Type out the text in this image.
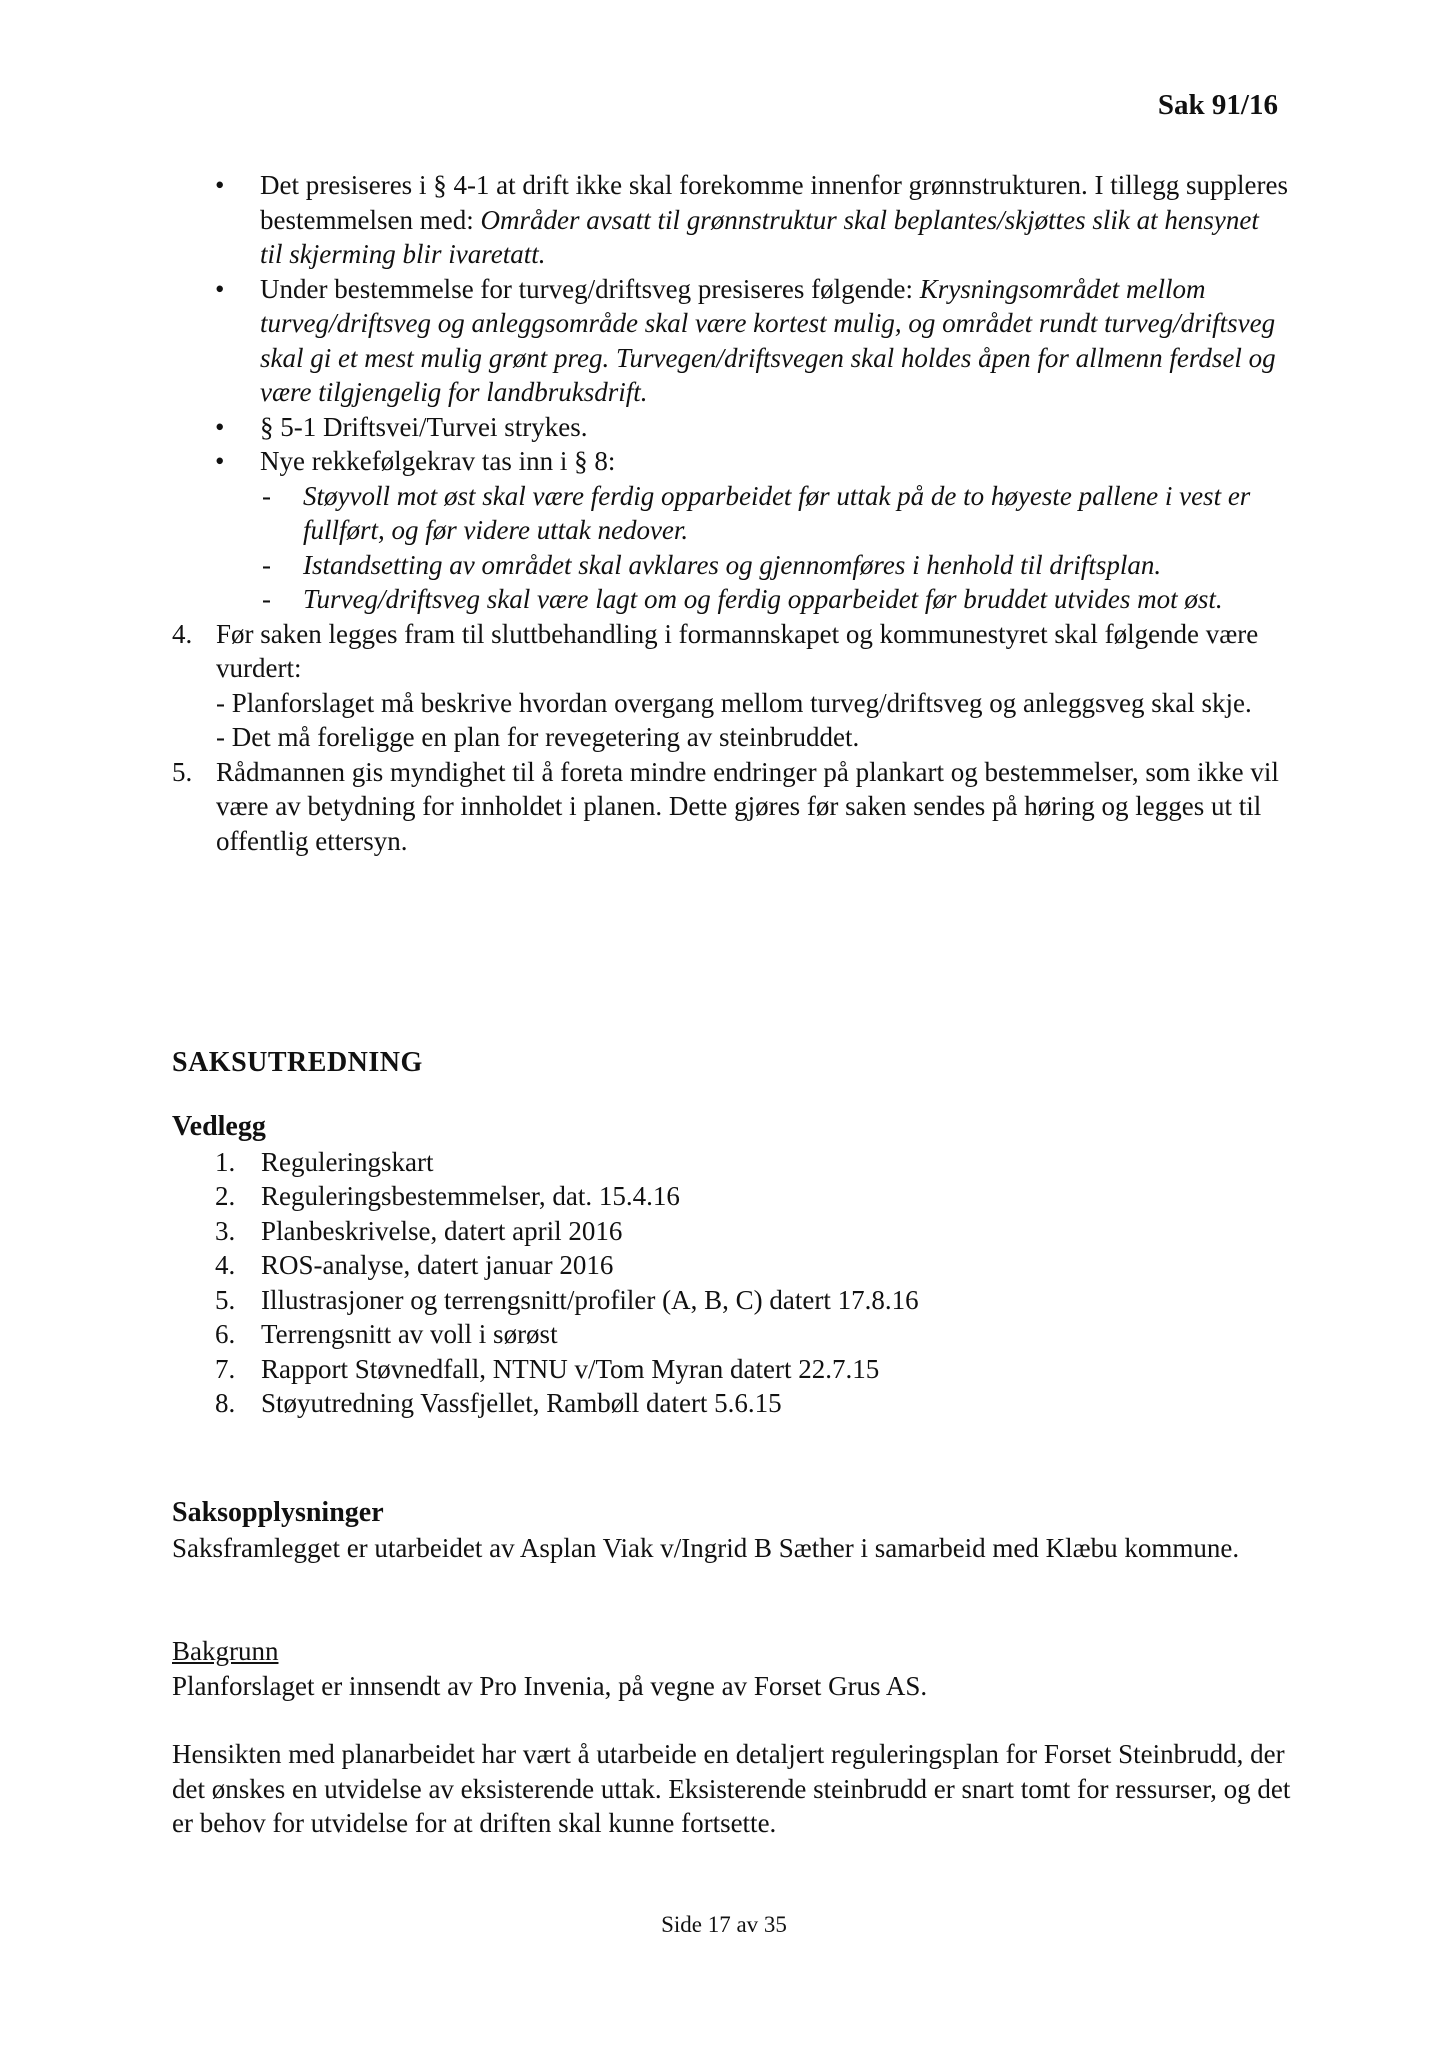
Sak 91/16
• Det presiseres i § 4-1 at drift ikke skal forekomme innenfor grønnstrukturen. I tillegg suppleres bestemmelsen med: Områder avsatt til grønnstruktur skal beplantes/skjøttes slik at hensynet til skjerming blir ivaretatt.
• Under bestemmelse for turveg/driftsveg presiseres følgende: Krysningsområdet mellom turveg/driftsveg og anleggsområde skal være kortest mulig, og området rundt turveg/driftsveg skal gi et mest mulig grønt preg. Turvegen/driftsvegen skal holdes åpen for allmenn ferdsel og være tilgjengelig for landbruksdrift.
• § 5-1 Driftsvei/Turvei strykes.
• Nye rekkefølgekrav tas inn i § 8:
- Støyvoll mot øst skal være ferdig opparbeidet før uttak på de to høyeste pallene i vest er fullført, og før videre uttak nedover.
- Istandsetting av området skal avklares og gjennomføres i henhold til driftsplan.
- Turveg/driftsveg skal være lagt om og ferdig opparbeidet før bruddet utvides mot øst.
4. Før saken legges fram til sluttbehandling i formannskapet og kommunestyret skal følgende være vurdert:
- Planforslaget må beskrive hvordan overgang mellom turveg/driftsveg og anleggsveg skal skje.
- Det må foreligge en plan for revegetering av steinbruddet.
5. Rådmannen gis myndighet til å foreta mindre endringer på plankart og bestemmelser, som ikke vil være av betydning for innholdet i planen. Dette gjøres før saken sendes på høring og legges ut til offentlig ettersyn.
SAKSUTREDNING
Vedlegg
1. Reguleringskart
2. Reguleringsbestemmelser, dat. 15.4.16
3. Planbeskrivelse, datert april 2016
4. ROS-analyse, datert januar 2016
5. Illustrasjoner og terrengsnitt/profiler (A, B, C) datert 17.8.16
6. Terrengsnitt av voll i sørøst
7. Rapport Støvnedfall, NTNU v/Tom Myran datert 22.7.15
8. Støyutredning Vassfjellet, Rambøll datert 5.6.15
Saksopplysninger
Saksframlegget er utarbeidet av Asplan Viak v/Ingrid B Sæther i samarbeid med Klæbu kommune.
Bakgrunn
Planforslaget er innsendt av Pro Invenia, på vegne av Forset Grus AS.
Hensikten med planarbeidet har vært å utarbeide en detaljert reguleringsplan for Forset Steinbrudd, der det ønskes en utvidelse av eksisterende uttak. Eksisterende steinbrudd er snart tomt for ressurser, og det er behov for utvidelse for at driften skal kunne fortsette.
Side 17 av 35
